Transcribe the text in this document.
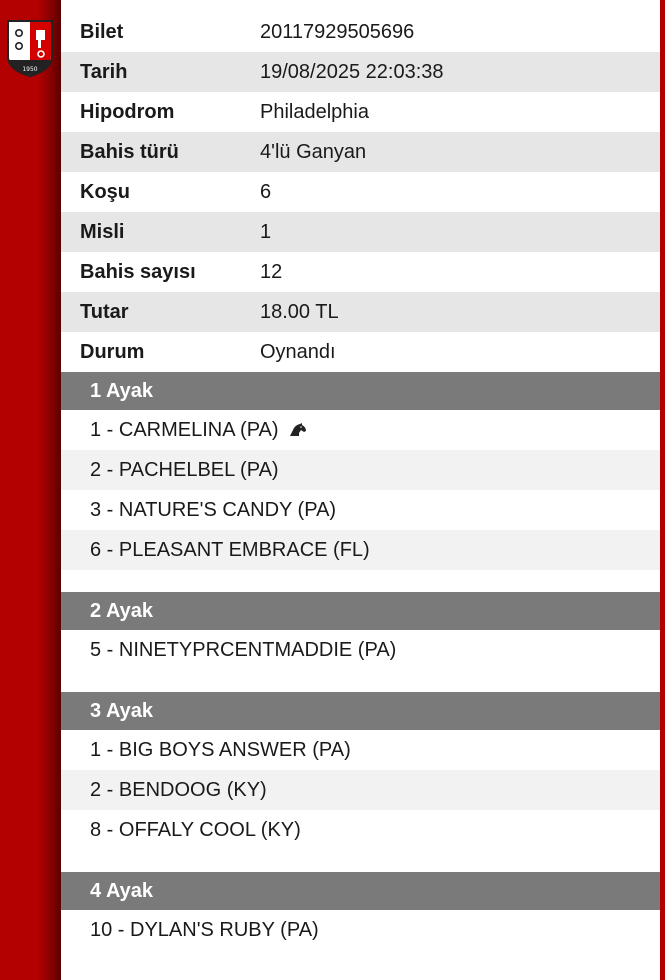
1950
Bilet	20117929505696
Tarih	19/08/2025 22:03:38
Hipodrom	Philadelphia
Bahis türü	4'lü Ganyan
Koşu	6
Misli	1
Bahis sayısı	12
Tutar	18.00 TL
Durum	Oynandı
1 Ayak
1 - CARMELINA (PA)
2 - PACHELBEL (PA)
3 - NATURE'S CANDY (PA)
6 - PLEASANT EMBRACE (FL)
2 Ayak
5 - NINETYPRCENTMADDIE (PA)
3 Ayak
1 - BIG BOYS ANSWER (PA)
2 - BENDOOG (KY)
8 - OFFALY COOL (KY)
4 Ayak
10 - DYLAN'S RUBY (PA)
